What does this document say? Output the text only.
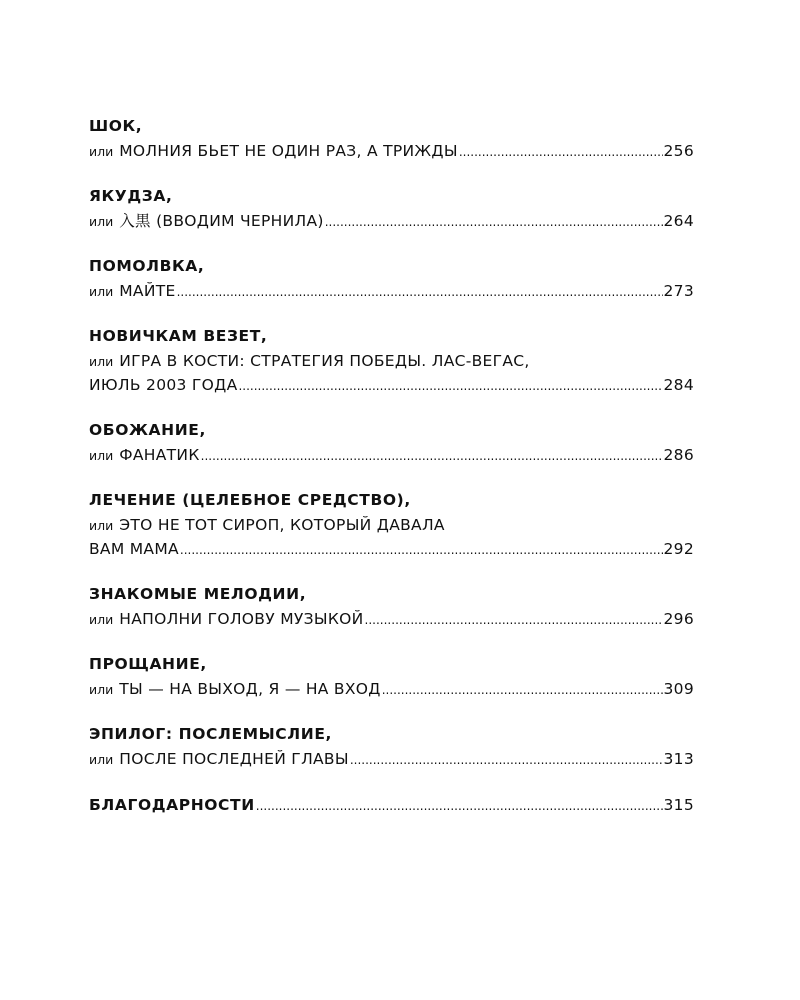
ШОК,
или МОЛНИЯ БЬЕТ НЕ ОДИН РАЗ, А ТРИЖДЫ .....	256
ЯКУДЗА,
или 入黒 (ВВОДИМ ЧЕРНИЛА) .....	264
ПОМОЛВКА,
или МАЙТЕ .....	273
НОВИЧКАМ ВЕЗЕТ,
или ИГРА В КОСТИ: СТРАТЕГИЯ ПОБЕДЫ. ЛАС-ВЕГАС,
ИЮЛЬ 2003 ГОДА .....	284
ОБОЖАНИЕ,
или ФАНАТИК .....	286
ЛЕЧЕНИЕ (ЦЕЛЕБНОЕ СРЕДСТВО),
или ЭТО НЕ ТОТ СИРОП, КОТОРЫЙ ДАВАЛА
ВАМ МАМА .....	292
ЗНАКОМЫЕ МЕЛОДИИ,
или НАПОЛНИ ГОЛОВУ МУЗЫКОЙ .....	296
ПРОЩАНИЕ,
или ТЫ — НА ВЫХОД, Я — НА ВХОД .....	309
ЭПИЛОГ: ПОСЛЕМЫСЛИЕ,
или ПОСЛЕ ПОСЛЕДНЕЙ ГЛАВЫ .....	313
БЛАГОДАРНОСТИ .....	315
